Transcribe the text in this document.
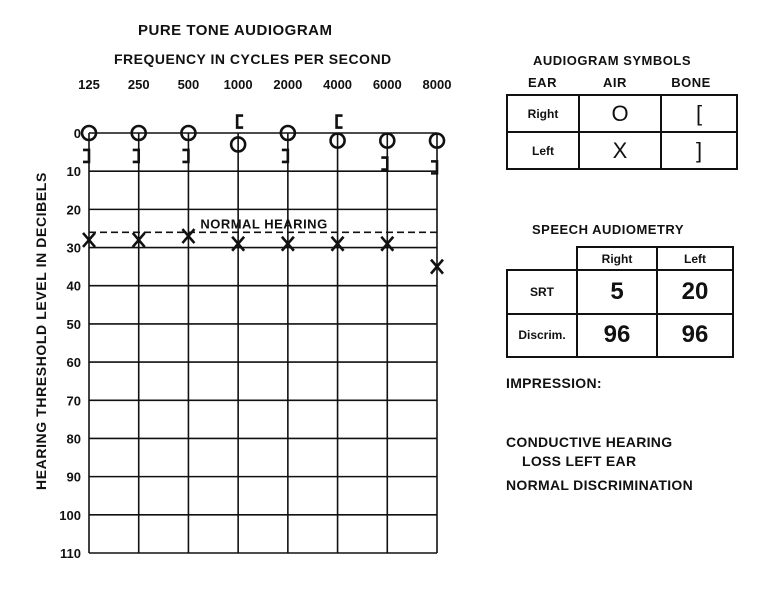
PURE TONE AUDIOGRAM
FREQUENCY IN CYCLES PER SECOND
HEARING THRESHOLD LEVEL IN DECIBELS
0
10
20
30
40
50
60
70
80
90
100
110
125 250 500 1000 2000 4000 6000 8000
NORMAL HEARING
AUDIOGRAM SYMBOLS
EAR	AIR	BONE
Right	O	[
Left	X	]
SPEECH AUDIOMETRY
	Right	Left
SRT	5	20
Discrim.	96	96
IMPRESSION:
CONDUCTIVE HEARING
LOSS LEFT EAR
NORMAL DISCRIMINATION
